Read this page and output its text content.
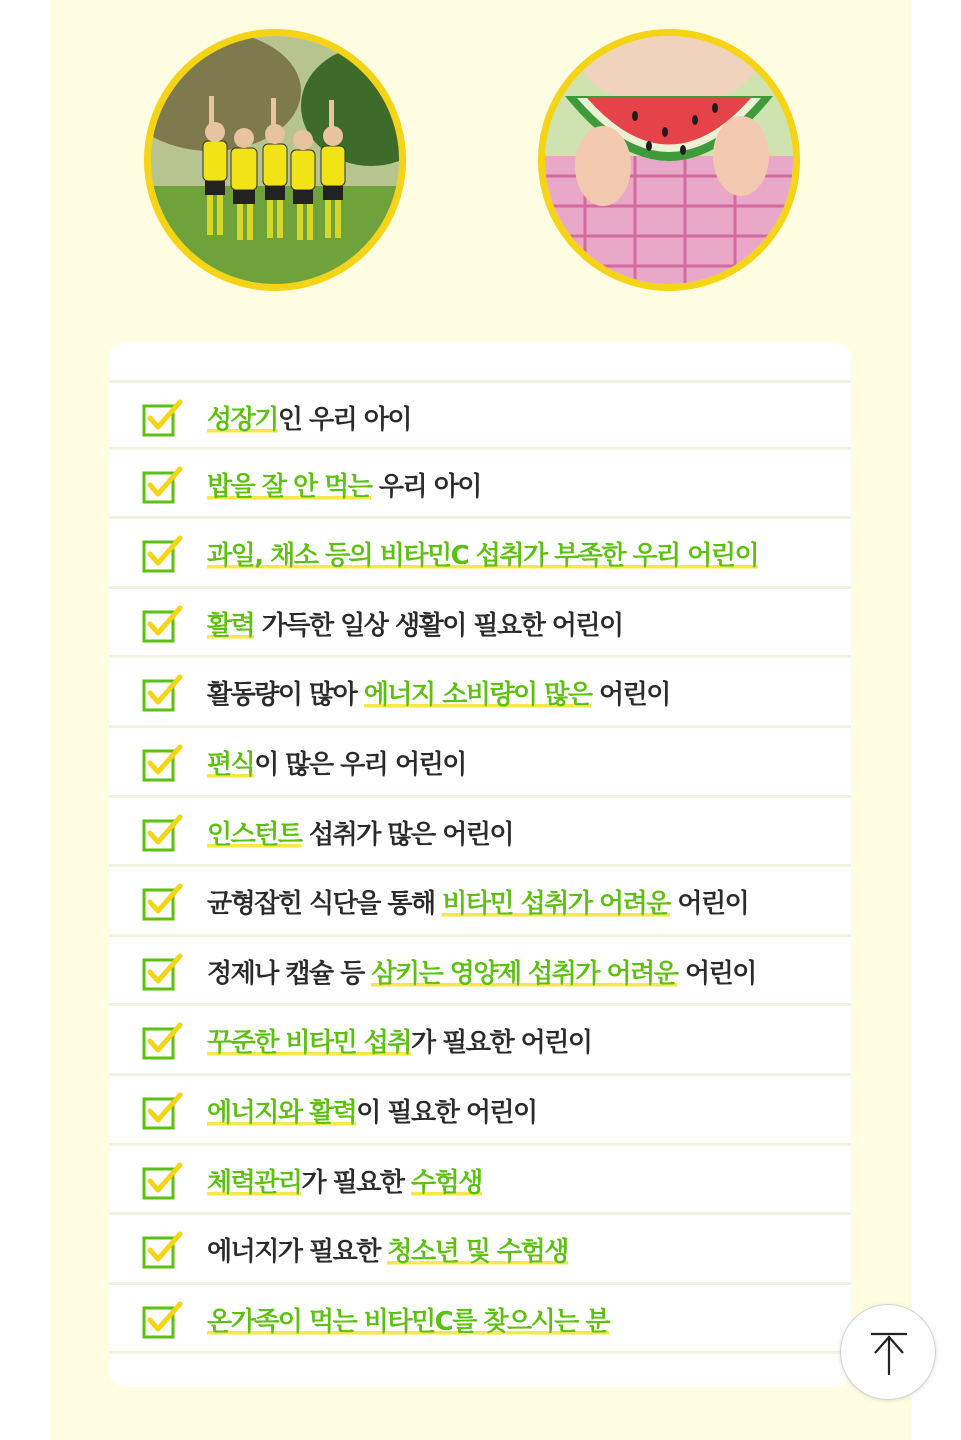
성장기인 우리 아이
밥을 잘 안 먹는 우리 아이
과일, 채소 등의 비타민C 섭취가 부족한 우리 어린이
활력 가득한 일상 생활이 필요한 어린이
활동량이 많아 에너지 소비량이 많은 어린이
편식이 많은 우리 어린이
인스턴트 섭취가 많은 어린이
균형잡힌 식단을 통해 비타민 섭취가 어려운 어린이
정제나 캡슐 등 삼키는 영양제 섭취가 어려운 어린이
꾸준한 비타민 섭취가 필요한 어린이
에너지와 활력이 필요한 어린이
체력관리가 필요한 수험생
에너지가 필요한 청소년 및 수험생
온가족이 먹는 비타민C를 찾으시는 분
